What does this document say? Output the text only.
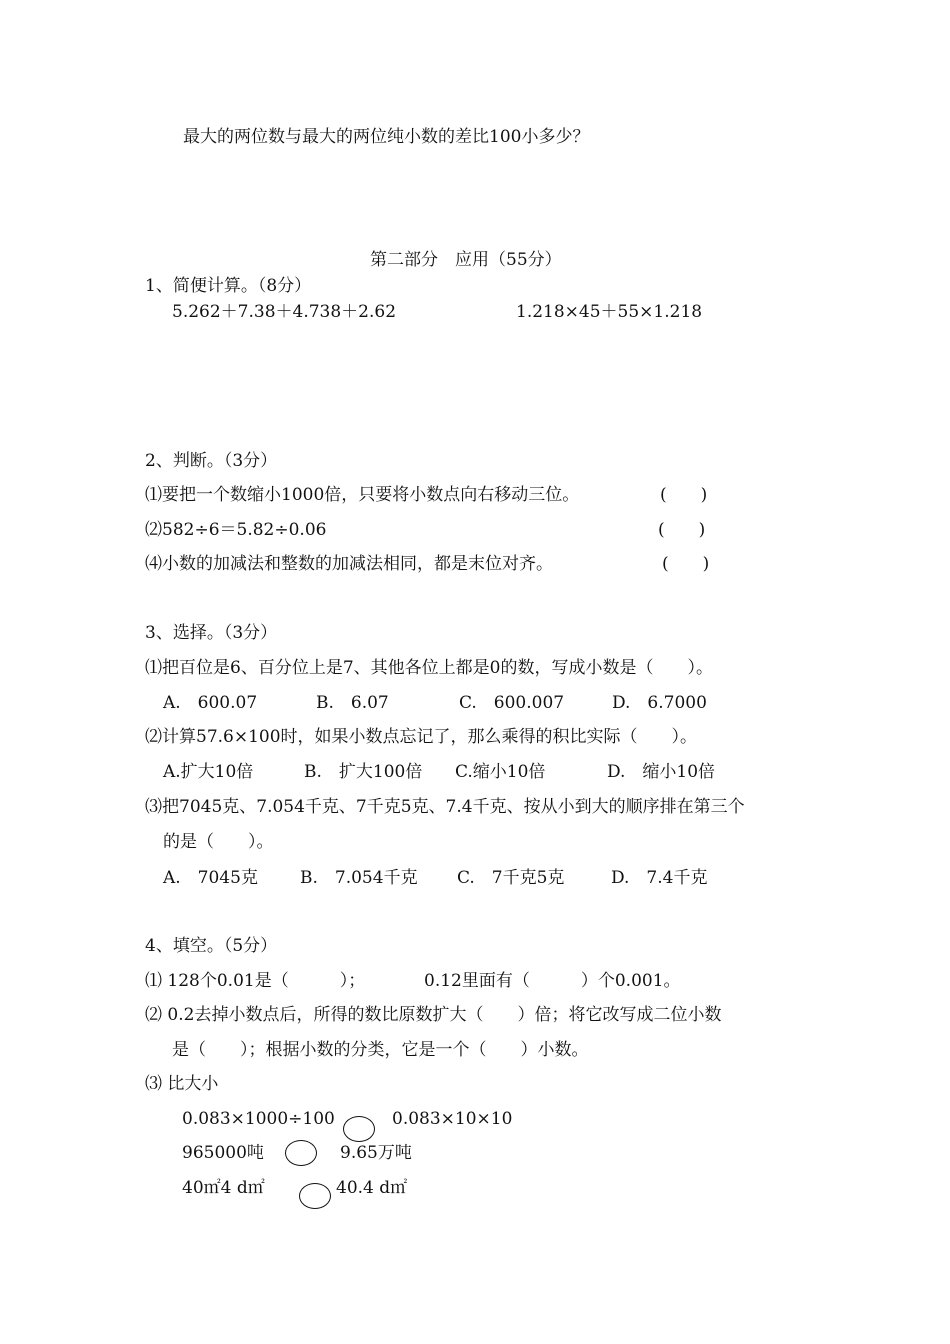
最大的两位数与最大的两位纯小数的差比100小多少？
第二部分　应用（55分）
1、简便计算。（8分）
5.262＋7.38＋4.738＋2.62	1.218×45＋55×1.218
2、判断。（3分）
⑴要把一个数缩小1000倍，只要将小数点向右移动三位。	(　　)
⑵582÷6＝5.82÷0.06	(　　)
⑷小数的加减法和整数的加减法相同，都是末位对齐。	(　　)
3、选择。（3分）
⑴把百位是6、百分位上是7、其他各位上都是0的数，写成小数是（　　）。
A.　600.07	B.　6.07	C.　600.007	D.　6.7000
⑵计算57.6×100时，如果小数点忘记了，那么乘得的积比实际（　　）。
A.扩大10倍	B.　扩大100倍 C.缩小10倍	D.　缩小10倍
⑶把7045克、7.054千克、7千克5克、7.4千克、按从小到大的顺序排在第三个
的是（　　）。
A.　7045克 B.　7.054千克 C.　7千克5克	D.　7.4千克
4、填空。（5分）
⑴ 128个0.01是（　　　）；	0.12里面有（　　　）个0.001。
⑵ 0.2去掉小数点后，所得的数比原数扩大（　　）倍；将它改写成二位小数
是（　　）；根据小数的分类，它是一个（　　）小数。
⑶ 比大小
0.083×1000÷100	0.083×10×10
965000吨	9.65万吨
40㎡4 d㎡	40.4 d㎡
